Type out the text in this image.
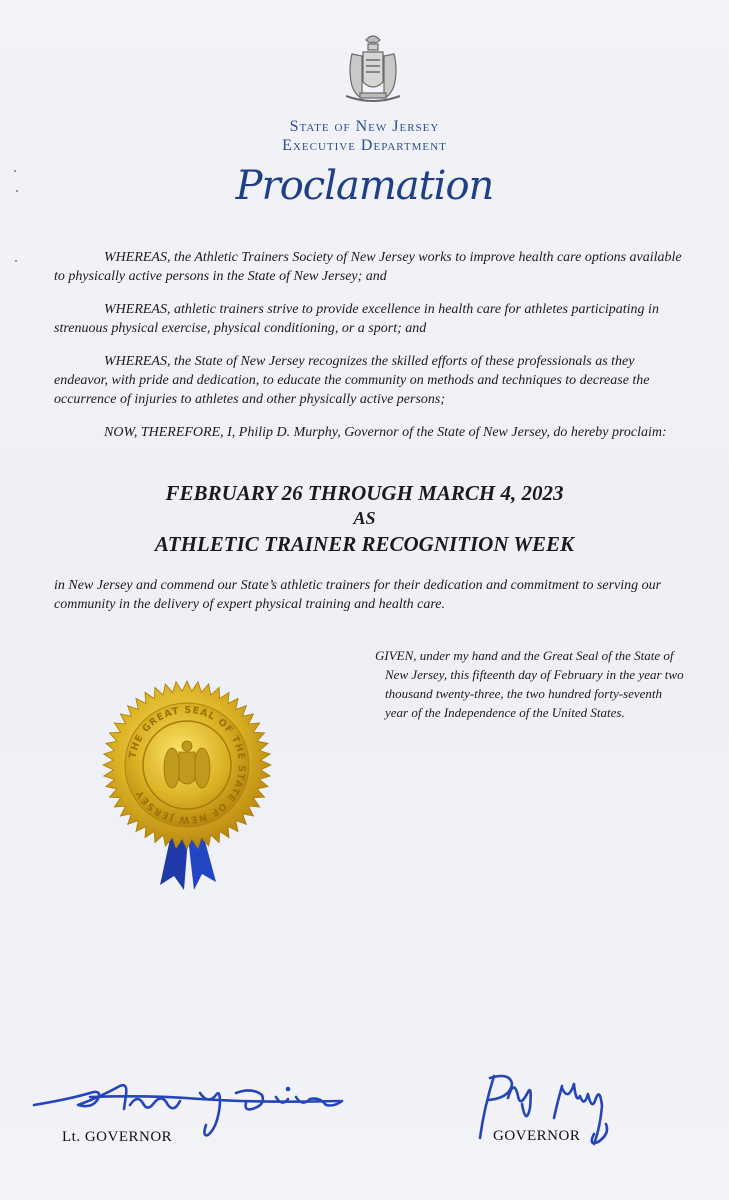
State of New Jersey
Executive Department
Proclamation
WHEREAS, the Athletic Trainers Society of New Jersey works to improve health care options available to physically active persons in the State of New Jersey; and
WHEREAS, athletic trainers strive to provide excellence in health care for athletes participating in strenuous physical exercise, physical conditioning, or a sport; and
WHEREAS, the State of New Jersey recognizes the skilled efforts of these professionals as they endeavor, with pride and dedication, to educate the community on methods and techniques to decrease the occurrence of injuries to athletes and other physically active persons;
NOW, THEREFORE, I, Philip D. Murphy, Governor of the State of New Jersey, do hereby proclaim:
FEBRUARY 26 THROUGH MARCH 4, 2023
AS
ATHLETIC TRAINER RECOGNITION WEEK
in New Jersey and commend our State’s athletic trainers for their dedication and commitment to serving our community in the delivery of expert physical training and health care.
GIVEN, under my hand and the Great Seal of the State of New Jersey, this fifteenth day of February in the year two thousand twenty-three, the two hundred forty-seventh year of the Independence of the United States.
THE GREAT SEAL OF THE STATE OF NEW JERSEY
Lt. GOVERNOR	GOVERNOR
